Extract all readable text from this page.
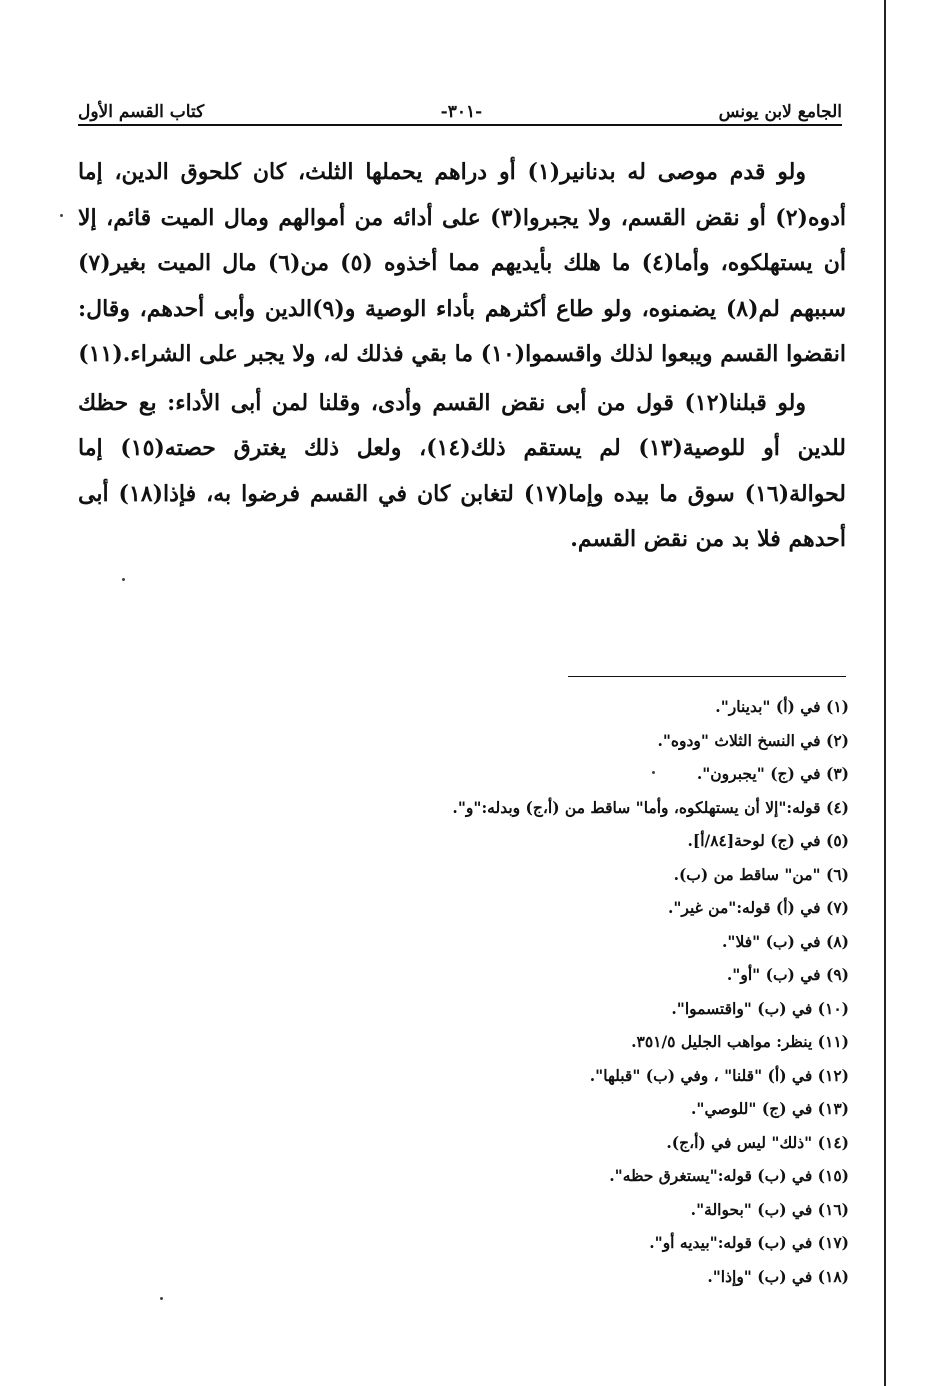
الجامع لابن يونس
-٣٠١-
كتاب القسم الأول

ولو قدم موصى له بدنانير(١) أو دراهم يحملها الثلث، كان كلحوق الدين، إما أدوه(٢) أو نقض القسم، ولا يجبروا(٣) على أدائه من أموالهم ومال الميت قائم، إلا أن يستهلكوه، وأما(٤) ما هلك بأيديهم مما أخذوه (٥) من(٦) مال الميت بغير(٧) سببهم لم(٨) يضمنوه، ولو طاع أكثرهم بأداء الوصية و(٩)الدين وأبى أحدهم، وقال: انقضوا القسم ويبعوا لذلك واقسموا(١٠) ما بقي فذلك له، ولا يجبر على الشراء.(١١)

ولو قبلنا(١٢) قول من أبى نقض القسم وأدى، وقلنا لمن أبى الأداء: بع حظك للدين أو للوصية(١٣) لم يستقم ذلك(١٤)، ولعل ذلك يغترق حصته(١٥) إما لحوالة(١٦) سوق ما بيده وإما(١٧) لتغابن كان في القسم فرضوا به، فإذا(١٨) أبى أحدهم فلا بد من نقض القسم.

(١) في (أ) "بدينار".
(٢) في النسخ الثلاث "ودوه".
(٣) في (ج) "يجبرون".
(٤) قوله:"إلا أن يستهلكوه، وأما" ساقط من (أ،ج) وبدله:"و".
(٥) في (ج) لوحة[٨٤/أ].
(٦) "من" ساقط من (ب).
(٧) في (أ) قوله:"من غير".
(٨) في (ب) "فلا".
(٩) في (ب) "أو".
(١٠) في (ب) "واقتسموا".
(١١) ينظر: مواهب الجليل ٣٥١/٥.
(١٢) في (أ) "قلنا" ، وفي (ب) "قبلها".
(١٣) في (ج) "للوصي".
(١٤) "ذلك" ليس في (أ،ج).
(١٥) في (ب) قوله:"يستغرق حظه".
(١٦) في (ب) "بحوالة".
(١٧) في (ب) قوله:"بيديه أو".
(١٨) في (ب) "وإذا".
